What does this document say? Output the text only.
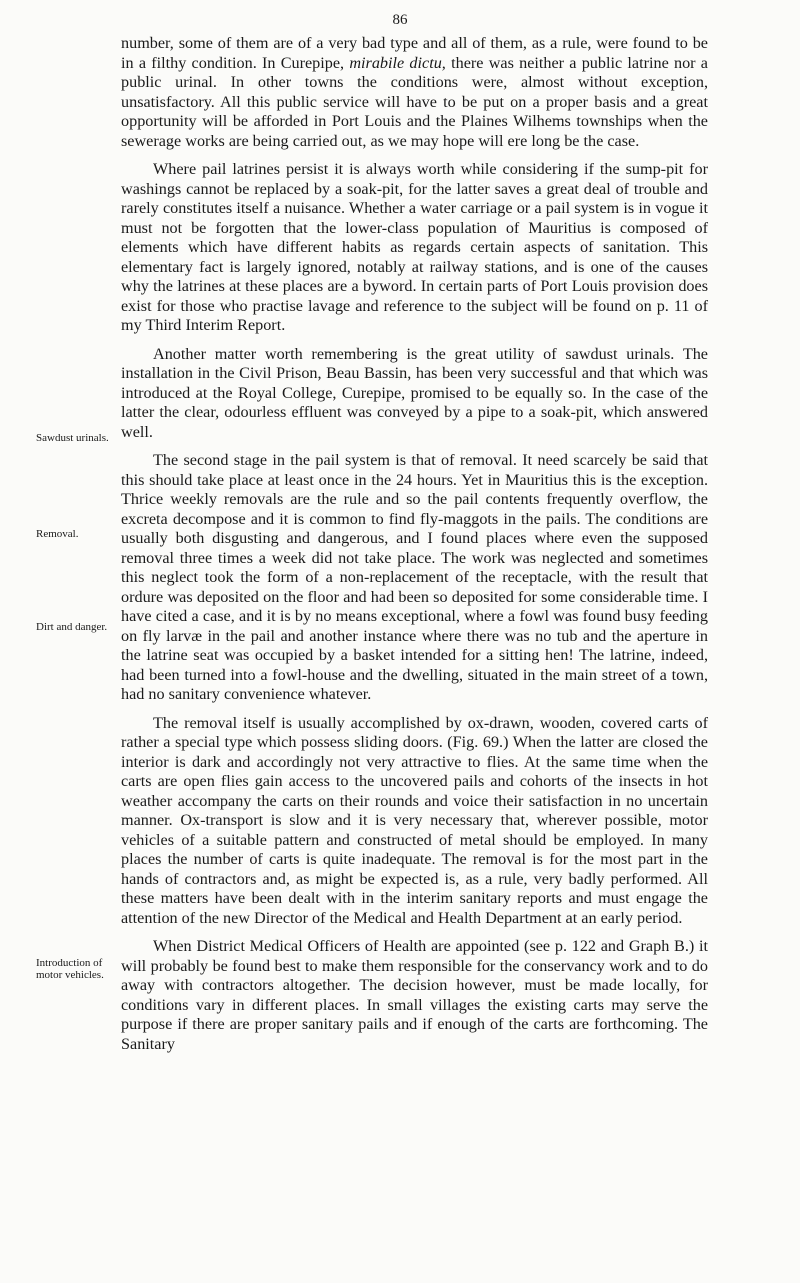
86
Sawdust urinals.
Removal.
Dirt and danger.
Introduction of motor vehicles.

number, some of them are of a very bad type and all of them, as a rule, were found to be in a filthy condition. In Curepipe, mirabile dictu, there was neither a public latrine nor a public urinal. In other towns the conditions were, almost without exception, unsatisfactory. All this public service will have to be put on a proper basis and a great opportunity will be afforded in Port Louis and the Plaines Wilhems townships when the sewerage works are being carried out, as we may hope will ere long be the case.

Where pail latrines persist it is always worth while considering if the sump-pit for washings cannot be replaced by a soak-pit, for the latter saves a great deal of trouble and rarely constitutes itself a nuisance. Whether a water carriage or a pail system is in vogue it must not be forgotten that the lower-class population of Mauritius is composed of elements which have different habits as regards certain aspects of sanitation. This elementary fact is largely ignored, notably at railway stations, and is one of the causes why the latrines at these places are a byword. In certain parts of Port Louis provision does exist for those who practise lavage and reference to the subject will be found on p. 11 of my Third Interim Report.

Another matter worth remembering is the great utility of sawdust urinals. The installation in the Civil Prison, Beau Bassin, has been very successful and that which was introduced at the Royal College, Curepipe, promised to be equally so. In the case of the latter the clear, odourless effluent was conveyed by a pipe to a soak-pit, which answered well.

The second stage in the pail system is that of removal. It need scarcely be said that this should take place at least once in the 24 hours. Yet in Mauritius this is the exception. Thrice weekly removals are the rule and so the pail contents frequently overflow, the excreta decompose and it is common to find fly-maggots in the pails. The conditions are usually both disgusting and dangerous, and I found places where even the supposed removal three times a week did not take place. The work was neglected and sometimes this neglect took the form of a non-replacement of the receptacle, with the result that ordure was deposited on the floor and had been so deposited for some considerable time. I have cited a case, and it is by no means exceptional, where a fowl was found busy feeding on fly larvæ in the pail and another instance where there was no tub and the aperture in the latrine seat was occupied by a basket intended for a sitting hen! The latrine, indeed, had been turned into a fowl-house and the dwelling, situated in the main street of a town, had no sanitary convenience whatever.

The removal itself is usually accomplished by ox-drawn, wooden, covered carts of rather a special type which possess sliding doors. (Fig. 69.) When the latter are closed the interior is dark and accordingly not very attractive to flies. At the same time when the carts are open flies gain access to the uncovered pails and cohorts of the insects in hot weather accompany the carts on their rounds and voice their satisfaction in no uncertain manner. Ox-transport is slow and it is very necessary that, wherever possible, motor vehicles of a suitable pattern and constructed of metal should be employed. In many places the number of carts is quite inadequate. The removal is for the most part in the hands of contractors and, as might be expected is, as a rule, very badly performed. All these matters have been dealt with in the interim sanitary reports and must engage the attention of the new Director of the Medical and Health Department at an early period.

When District Medical Officers of Health are appointed (see p. 122 and Graph B.) it will probably be found best to make them responsible for the conservancy work and to do away with contractors altogether. The decision however, must be made locally, for conditions vary in different places. In small villages the existing carts may serve the purpose if there are proper sanitary pails and if enough of the carts are forthcoming. The Sanitary
